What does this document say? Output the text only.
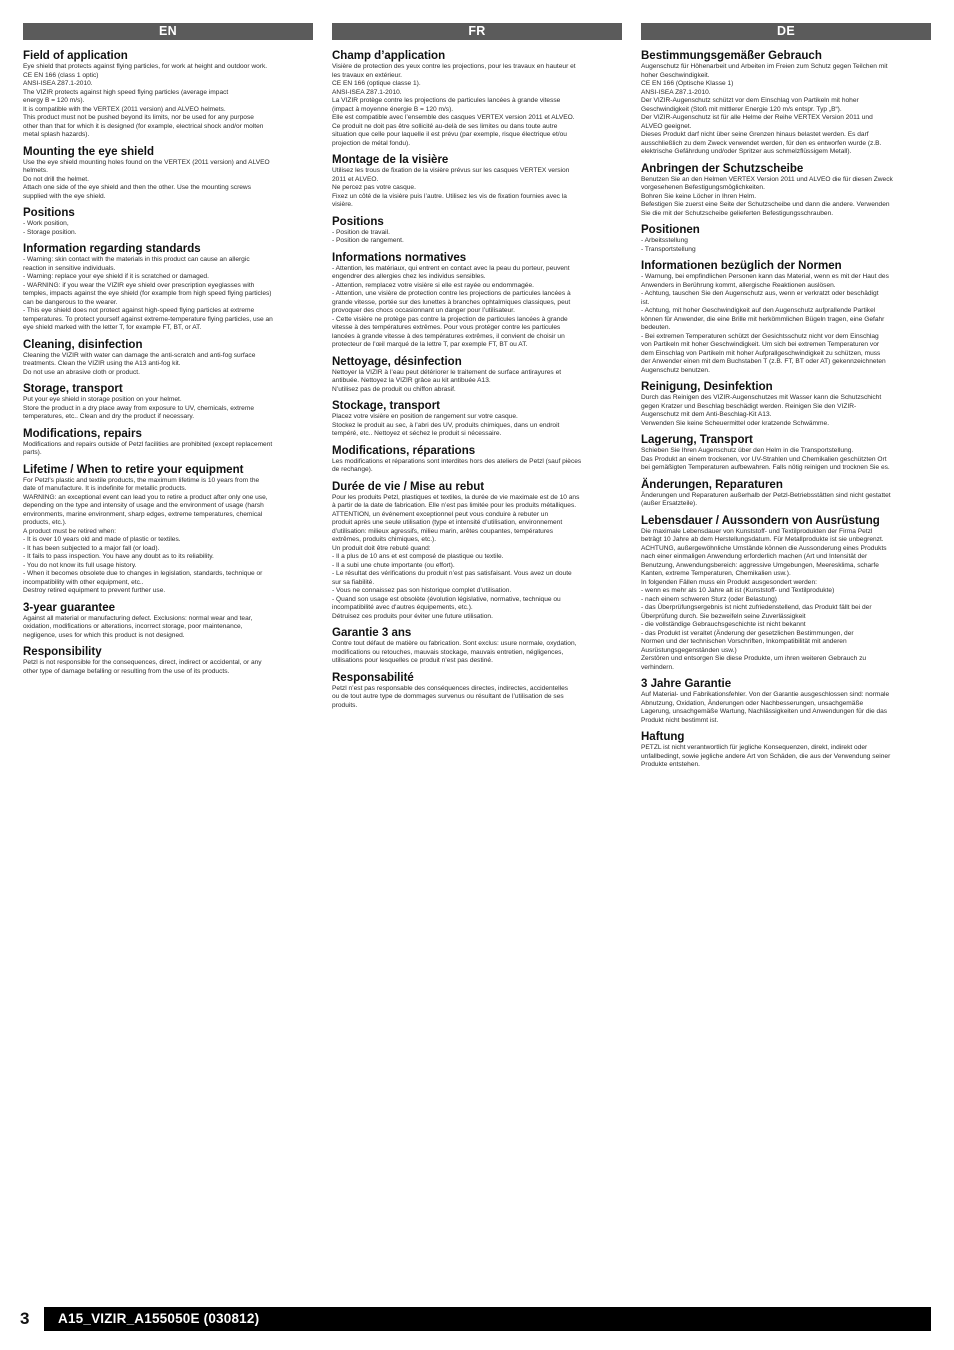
EN
Field of application

Eye shield that protects against flying particles, for work at height and outdoor work.
CE EN 166 (class 1 optic)
ANSI-ISEA Z87.1-2010.
The VIZIR protects against high speed flying particles (average impact
energy B = 120 m/s).
It is compatible with the VERTEX (2011 version) and ALVEO helmets.
This product must not be pushed beyond its limits, nor be used for any purpose
other than that for which it is designed (for example, electrical shock and/or molten
metal splash hazards).

Mounting the eye shield

Use the eye shield mounting holes found on the VERTEX (2011 version) and ALVEO
helmets.
Do not drill the helmet.
Attach one side of the eye shield and then the other. Use the mounting screws
supplied with the eye shield.

Positions

- Work position,
- Storage position.

Information regarding standards

- Warning: skin contact with the materials in this product can cause an allergic
reaction in sensitive individuals.
- Warning: replace your eye shield if it is scratched or damaged.
- WARNING: if you wear the VIZIR eye shield over prescription eyeglasses with
temples, impacts against the eye shield (for example from high speed flying particles)
can be dangerous to the wearer.
- This eye shield does not protect against high-speed flying particles at extreme
temperatures. To protect yourself against extreme-temperature flying particles, use an
eye shield marked with the letter T, for example FT, BT, or AT.

Cleaning, disinfection

Cleaning the VIZIR with water can damage the anti-scratch and anti-fog surface
treatments. Clean the VIZIR using the A13 anti-fog kit.
Do not use an abrasive cloth or product.

Storage, transport

Put your eye shield in storage position on your helmet.
Store the product in a dry place away from exposure to UV, chemicals, extreme
temperatures, etc.. Clean and dry the product if necessary.

Modifications, repairs

Modifications and repairs outside of Petzl facilities are prohibited (except replacement
parts).

Lifetime / When to retire your equipment

For Petzl's plastic and textile products, the maximum lifetime is 10 years from the
date of manufacture. It is indefinite for metallic products.
WARNING: an exceptional event can lead you to retire a product after only one use,
depending on the type and intensity of usage and the environment of usage (harsh
environments, marine environment, sharp edges, extreme temperatures, chemical
products, etc.).
A product must be retired when:
- It is over 10 years old and made of plastic or textiles.
- It has been subjected to a major fall (or load).
- It fails to pass inspection. You have any doubt as to its reliability.
- You do not know its full usage history.
- When it becomes obsolete due to changes in legislation, standards, technique or
incompatibility with other equipment, etc..
Destroy retired equipment to prevent further use.

3-year guarantee

Against all material or manufacturing defect. Exclusions: normal wear and tear,
oxidation, modifications or alterations, incorrect storage, poor maintenance,
negligence, uses for which this product is not designed.

Responsibility

Petzl is not responsible for the consequences, direct, indirect or accidental, or any
other type of damage befalling or resulting from the use of its products.

FR
Champ d’application

Visière de protection des yeux contre les projections, pour les travaux en hauteur et
les travaux en extérieur.
CE EN 166 (optique classe 1).
ANSI-ISEA Z87.1-2010.
La VIZIR protège contre les projections de particules lancées à grande vitesse
(impact à moyenne énergie B = 120 m/s).
Elle est compatible avec l’ensemble des casques VERTEX version 2011 et ALVEO.
Ce produit ne doit pas être sollicité au-delà de ses limites ou dans toute autre
situation que celle pour laquelle il est prévu (par exemple, risque électrique et/ou
projection de métal fondu).

Montage de la visière

Utilisez les trous de fixation de la visière prévus sur les casques VERTEX version
2011 et ALVEO.
Ne percez pas votre casque.
Fixez un côté de la visière puis l’autre. Utilisez les vis de fixation fournies avec la
visière.

Positions

- Position de travail.
- Position de rangement.

Informations normatives

- Attention, les matériaux, qui entrent en contact avec la peau du porteur, peuvent
engendrer des allergies chez les individus sensibles.
- Attention, remplacez votre visière si elle est rayée ou endommagée.
- Attention, une visière de protection contre les projections de particules lancées à
grande vitesse, portée sur des lunettes à branches ophtalmiques classiques, peut
provoquer des chocs occasionnant un danger pour l’utilisateur.
- Cette visière ne protège pas contre la projection de particules lancées à grande
vitesse à des températures extrêmes. Pour vous protéger contre les particules
lancées à grande vitesse à des températures extrêmes, il convient de choisir un
protecteur de l’œil marqué de la lettre T, par exemple FT, BT ou AT.

Nettoyage, désinfection

Nettoyer la VIZIR à l’eau peut détériorer le traitement de surface antirayures et
antibuée. Nettoyez la VIZIR grâce au kit antibuée A13.
N’utilisez pas de produit ou chiffon abrasif.

Stockage, transport

Placez votre visière en position de rangement sur votre casque.
Stockez le produit au sec, à l’abri des UV, produits chimiques, dans un endroit
tempéré, etc.. Nettoyez et séchez le produit si nécessaire.

Modifications, réparations

Les modifications et réparations sont interdites hors des ateliers de Petzl (sauf pièces
de rechange).

Durée de vie / Mise au rebut

Pour les produits Petzl, plastiques et textiles, la durée de vie maximale est de 10 ans
à partir de la date de fabrication. Elle n’est pas limitée pour les produits métalliques.
ATTENTION, un événement exceptionnel peut vous conduire à rebuter un
produit après une seule utilisation (type et intensité d’utilisation, environnement
d’utilisation: milieux agressifs, milieu marin, arêtes coupantes, températures
extrêmes, produits chimiques, etc.).
Un produit doit être rebuté quand:
- Il a plus de 10 ans et est composé de plastique ou textile.
- Il a subi une chute importante (ou effort).
- Le résultat des vérifications du produit n’est pas satisfaisant. Vous avez un doute
sur sa fiabilité.
- Vous ne connaissez pas son historique complet d’utilisation.
- Quand son usage est obsolète (évolution législative, normative, technique ou
incompatibilité avec d’autres équipements, etc.).
Détruisez ces produits pour éviter une future utilisation.

Garantie 3 ans

Contre tout défaut de matière ou fabrication. Sont exclus: usure normale, oxydation,
modifications ou retouches, mauvais stockage, mauvais entretien, négligences,
utilisations pour lesquelles ce produit n’est pas destiné.

Responsabilité

Petzl n’est pas responsable des conséquences directes, indirectes, accidentelles
ou de tout autre type de dommages survenus ou résultant de l’utilisation de ses
produits.

DE
Bestimmungsgemäßer Gebrauch

Augenschutz für Höhenarbeit und Arbeiten im Freien zum Schutz gegen Teilchen mit
hoher Geschwindigkeit.
CE EN 166 (Optische Klasse 1)
ANSI-ISEA Z87.1-2010.
Der VIZIR-Augenschutz schützt vor dem Einschlag von Partikeln mit hoher
Geschwindigkeit (Stoß mit mittlerer Energie 120 m/s entspr. Typ „B“).
Der VIZIR-Augenschutz ist für alle Helme der Reihe VERTEX Version 2011 und
ALVEO geeignet.
Dieses Produkt darf nicht über seine Grenzen hinaus belastet werden. Es darf
ausschließlich zu dem Zweck verwendet werden, für den es entworfen wurde (z.B.
elektrische Gefährdung und/oder Spritzer aus schmelzflüssigem Metall).

Anbringen der Schutzscheibe

Benutzen Sie an den Helmen VERTEX Version 2011 und ALVEO die für diesen Zweck
vorgesehenen Befestigungsmöglichkeiten.
Bohren Sie keine Löcher in Ihren Helm.
Befestigen Sie zuerst eine Seite der Schutzscheibe und dann die andere. Verwenden
Sie die mit der Schutzscheibe gelieferten Befestigungsschrauben.

Positionen

- Arbeitsstellung
- Transportstellung

Informationen bezüglich der Normen

- Warnung, bei empfindlichen Personen kann das Material, wenn es mit der Haut des
Anwenders in Berührung kommt, allergische Reaktionen auslösen.
- Achtung, tauschen Sie den Augenschutz aus, wenn er verkratzt oder beschädigt
ist.
- Achtung, mit hoher Geschwindigkeit auf den Augenschutz aufprallende Partikel
können für Anwender, die eine Brille mit herkömmlichen Bügeln tragen, eine Gefahr
bedeuten.
- Bei extremen Temperaturen schützt der Gesichtsschutz nicht vor dem Einschlag
von Partikeln mit hoher Geschwindigkeit. Um sich bei extremen Temperaturen vor
dem Einschlag von Partikeln mit hoher Aufprallgeschwindigkeit zu schützen, muss
der Anwender einen mit dem Buchstaben T (z.B. FT, BT oder AT) gekennzeichneten
Augenschutz benutzen.

Reinigung, Desinfektion

Durch das Reinigen des VIZIR-Augenschutzes mit Wasser kann die Schutzschicht
gegen Kratzer und Beschlag beschädigt werden. Reinigen Sie den VIZIR-
Augenschutz mit dem Anti-Beschlag-Kit A13.
Verwenden Sie keine Scheuermittel oder kratzende Schwämme.

Lagerung, Transport

Schieben Sie Ihren Augenschutz über den Helm in die Transportstellung.
Das Produkt an einem trockenen, vor UV-Strahlen und Chemikalien geschützten Ort
bei gemäßigten Temperaturen aufbewahren. Falls nötig reinigen und trocknen Sie es.

Änderungen, Reparaturen

Änderungen und Reparaturen außerhalb der Petzl-Betriebsstätten sind nicht gestattet
(außer Ersatzteile).

Lebensdauer / Aussondern von Ausrüstung

Die maximale Lebensdauer von Kunststoff- und Textilprodukten der Firma Petzl
beträgt 10 Jahre ab dem Herstellungsdatum. Für Metallprodukte ist sie unbegrenzt.
ACHTUNG, außergewöhnliche Umstände können die Aussonderung eines Produkts
nach einer einmaligen Anwendung erforderlich machen (Art und Intensität der
Benutzung, Anwendungsbereich: aggressive Umgebungen, Meeresklima, scharfe
Kanten, extreme Temperaturen, Chemikalien usw.).
In folgenden Fällen muss ein Produkt ausgesondert werden:
- wenn es mehr als 10 Jahre alt ist (Kunststoff- und Textilprodukte)
- nach einem schweren Sturz (oder Belastung)
- das Überprüfungsergebnis ist nicht zufriedenstellend, das Produkt fällt bei der
Überprüfung durch. Sie bezweifeln seine Zuverlässigkeit
- die vollständige Gebrauchsgeschichte ist nicht bekannt
- das Produkt ist veraltet (Änderung der gesetzlichen Bestimmungen, der
Normen und der technischen Vorschriften, Inkompatibilität mit anderen
Ausrüstungsgegenständen usw.)
Zerstören und entsorgen Sie diese Produkte, um ihren weiteren Gebrauch zu
verhindern.

3 Jahre Garantie

Auf Material- und Fabrikationsfehler. Von der Garantie ausgeschlossen sind: normale
Abnutzung, Oxidation, Änderungen oder Nachbesserungen, unsachgemäße
Lagerung, unsachgemäße Wartung, Nachlässigkeiten und Anwendungen für die das
Produkt nicht bestimmt ist.

Haftung

PETZL ist nicht verantwortlich für jegliche Konsequenzen, direkt, indirekt oder
unfallbedingt, sowie jegliche andere Art von Schäden, die aus der Verwendung seiner
Produkte entstehen.

3	A15_VIZIR_A155050E (030812)
